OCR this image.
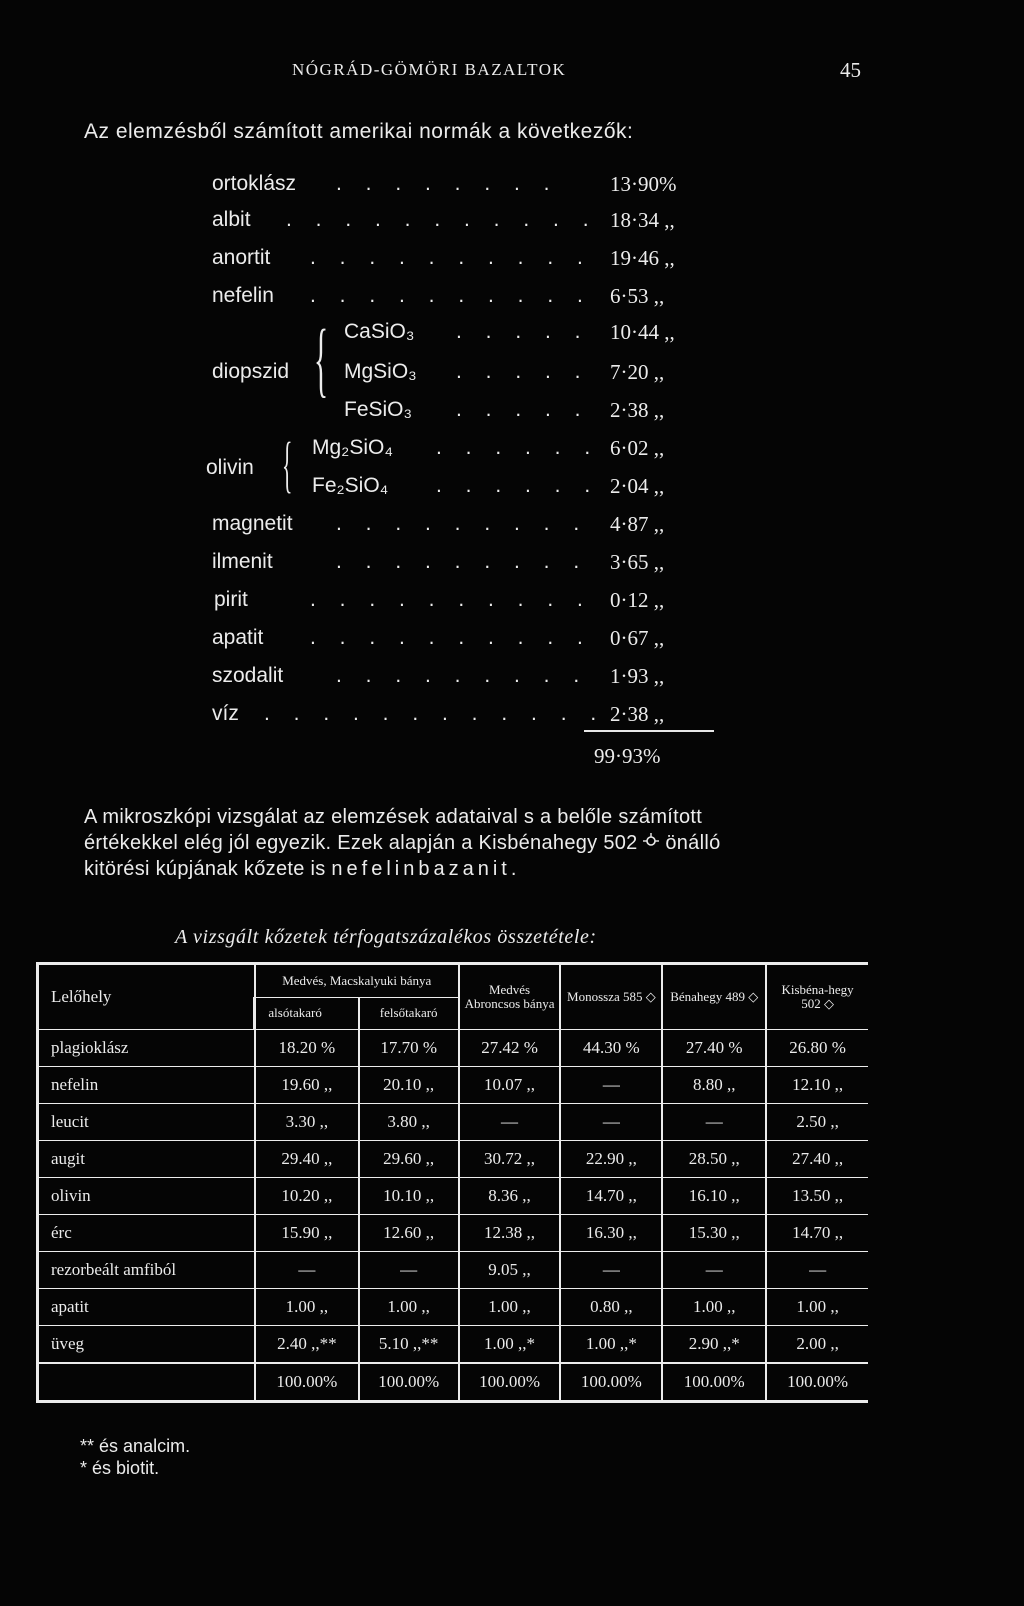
NÓGRÁD-GÖMÖRI BAZALTOK	45
Az elemzésből számított amerikai normák a következők:
ortoklász . . . . . . . . 13·90%
albit . . . . . . . . . . . 18·34 ,,
anortit . . . . . . . . . . 19·46 ,,
nefelin . . . . . . . . . . 6·53 ,,
diopszid { CaSiO₃ . . . . . 10·44 ,,
MgSiO₃ . . . . . 7·20 ,,
FeSiO₃ . . . . . 2·38 ,,
olivin { Mg₂SiO₄ . . . . . . 6·02 ,,
Fe₂SiO₄ . . . . . . 2·04 ,,
magnetit . . . . . . . . . 4·87 ,,
ilmenit	. . . . . . . . . 3·65 ,,
pirit	. . . . . . . . . . 0·12 ,,
apatit . . . . . . . . . . 0·67 ,,
szodalit	. . . . . . . . . 1·93 ,,
víz . . . . . . . . . . . . 2·38 ,,
99·93%
A mikroszkópi vizsgálat az elemzések adataival s a belőle számított
értékekkel elég jól egyezik. Ezek alapján a Kisbénahegy 502 önálló
kitörési kúpjának kőzete is nefelinbazanit.
A vizsgált kőzetek térfogatszázalékos összetétele:
Lelőhely	Medvés, Macskalyuki bánya		Medvés Abroncsos bánya	Monossza 585 ◇	Bénahegy 489 ◇	Kisbéna-hegy 502 ◇
	alsótakaró	felsőtakaró				
plagioklász	18.20 %	17.70 %	27.42 %	44.30 %	27.40 %	26.80 %
nefelin	19.60 ,,	20.10 ,,	10.07 ,,	—	8.80 ,,	12.10 ,,
leucit	3.30 ,,	3.80 ,,	—	—	—	2.50 ,,
augit	29.40 ,,	29.60 ,,	30.72 ,,	22.90 ,,	28.50 ,,	27.40 ,,
olivin	10.20 ,,	10.10 ,,	8.36 ,,	14.70 ,,	16.10 ,,	13.50 ,,
érc	15.90 ,,	12.60 ,,	12.38 ,,	16.30 ,,	15.30 ,,	14.70 ,,
rezorbeált amfiból	—	—	9.05 ,,	—	—	—
apatit	1.00 ,,	1.00 ,,	1.00 ,,	0.80 ,,	1.00 ,,	1.00 ,,
üveg	2.40 ,,**	5.10 ,,**	1.00 ,,*	1.00 ,,*	2.90 ,,*	2.00 ,,
	100.00%	100.00%	100.00%	100.00%	100.00%	100.00%
** és analcim.
* és biotit.
